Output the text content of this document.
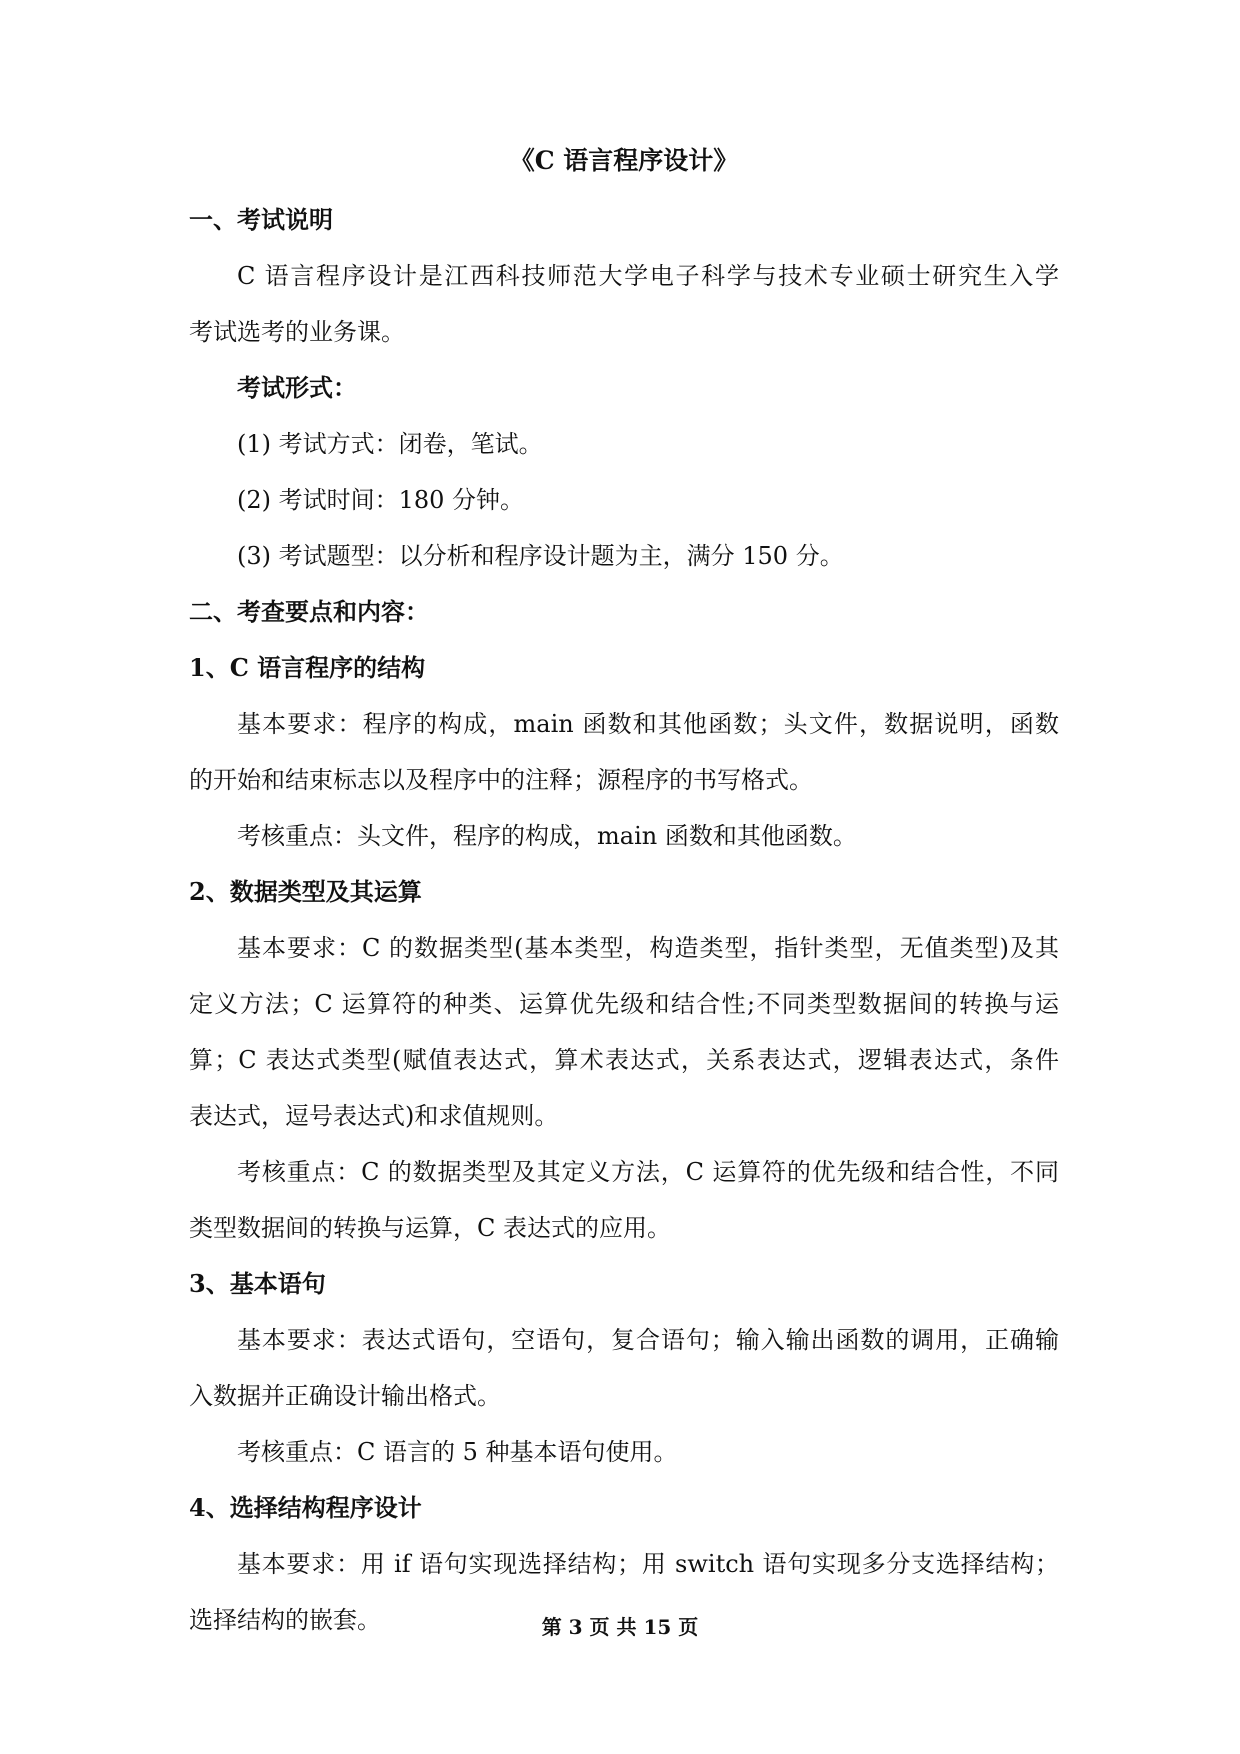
《C 语言程序设计》
一、考试说明
C 语言程序设计是江西科技师范大学电子科学与技术专业硕士研究生入学
考试选考的业务课。
考试形式：
(1) 考试方式：闭卷，笔试。
(2) 考试时间：180 分钟。
(3) 考试题型：以分析和程序设计题为主，满分 150 分。
二、考查要点和内容：
1、C 语言程序的结构
基本要求：程序的构成，main 函数和其他函数；头文件，数据说明，函数
的开始和结束标志以及程序中的注释；源程序的书写格式。
考核重点：头文件，程序的构成，main 函数和其他函数。
2、数据类型及其运算
基本要求：C 的数据类型(基本类型，构造类型，指针类型，无值类型)及其
定义方法；C 运算符的种类、运算优先级和结合性;不同类型数据间的转换与运
算；C 表达式类型(赋值表达式，算术表达式，关系表达式，逻辑表达式，条件
表达式，逗号表达式)和求值规则。
考核重点：C 的数据类型及其定义方法，C 运算符的优先级和结合性，不同
类型数据间的转换与运算，C 表达式的应用。
3、基本语句
基本要求：表达式语句，空语句，复合语句；输入输出函数的调用，正确输
入数据并正确设计输出格式。
考核重点：C 语言的 5 种基本语句使用。
4、选择结构程序设计
基本要求：用 if 语句实现选择结构；用 switch 语句实现多分支选择结构；
选择结构的嵌套。	第 3 页 共 15 页
